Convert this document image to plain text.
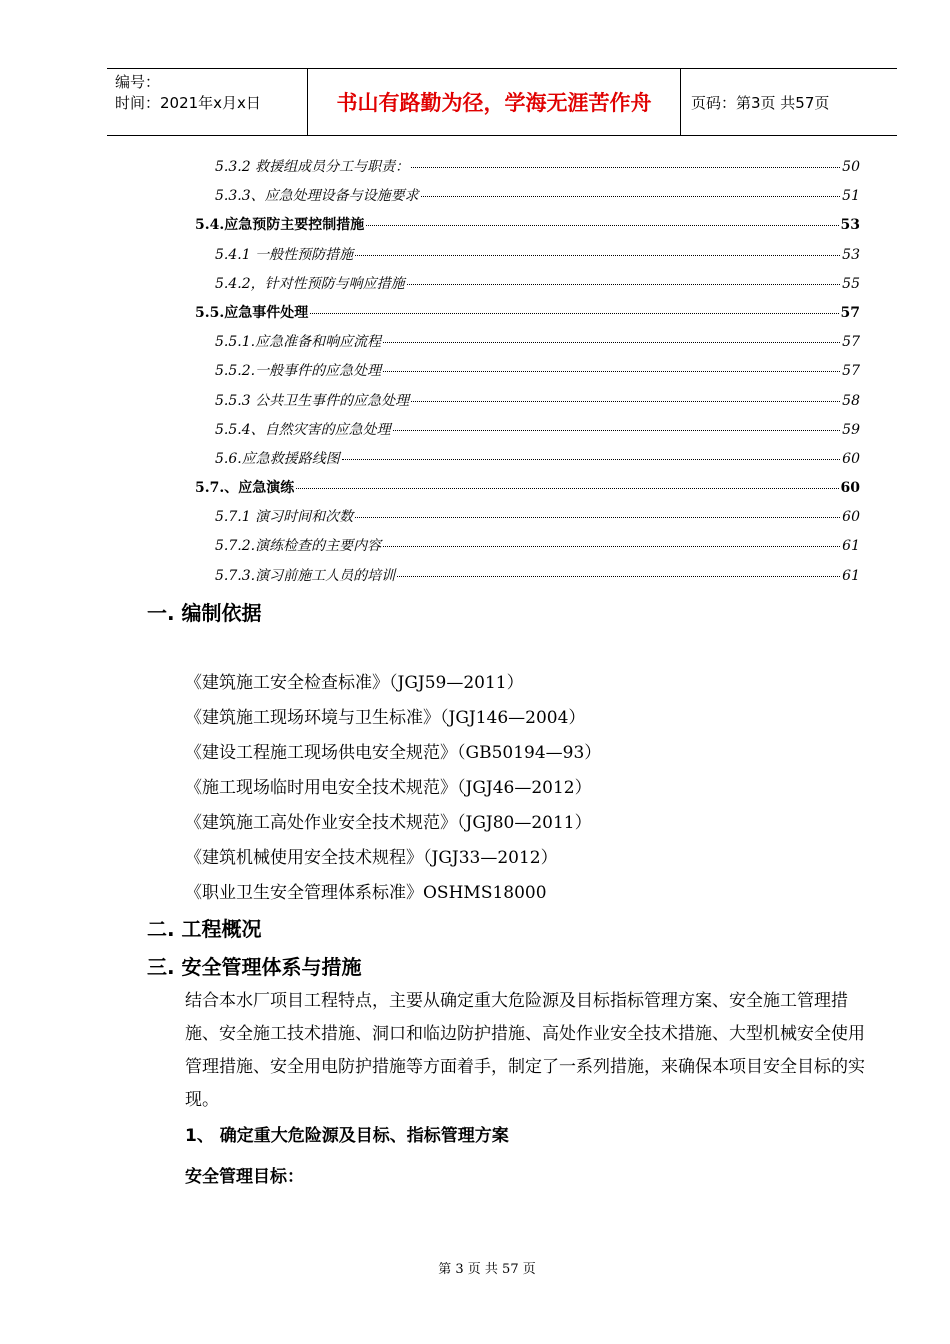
编号：
时间：2021年x月x日	书山有路勤为径，学海无涯苦作舟	页码：第3页 共57页
5.3.2 救援组成员分工与职责：	50
5.3.3、应急处理设备与设施要求	51
5.4.应急预防主要控制措施	53
5.4.1 一般性预防措施	53
5.4.2，针对性预防与响应措施	55
5.5.应急事件处理	57
5.5.1.应急准备和响应流程	57
5.5.2.一般事件的应急处理	57
5.5.3 公共卫生事件的应急处理	58
5.5.4、自然灾害的应急处理	59
5.6.应急救援路线图	60
5.7.、应急演练	60
5.7.1 演习时间和次数	60
5.7.2.演练检查的主要内容	61
5.7.3.演习前施工人员的培训	61
一. 编制依据
《建筑施工安全检查标准》（JGJ59—2011）
《建筑施工现场环境与卫生标准》（JGJ146—2004）
《建设工程施工现场供电安全规范》（GB50194—93）
《施工现场临时用电安全技术规范》（JGJ46—2012）
《建筑施工高处作业安全技术规范》（JGJ80—2011）
《建筑机械使用安全技术规程》（JGJ33—2012）
《职业卫生安全管理体系标准》OSHMS18000
二. 工程概况
三. 安全管理体系与措施
结合本水厂项目工程特点，主要从确定重大危险源及目标指标管理方案、安全施工管理措施、安全施工技术措施、洞口和临边防护措施、高处作业安全技术措施、大型机械安全使用管理措施、安全用电防护措施等方面着手，制定了一系列措施，来确保本项目安全目标的实现。
1、 确定重大危险源及目标、指标管理方案
安全管理目标：
第 3 页 共 57 页
